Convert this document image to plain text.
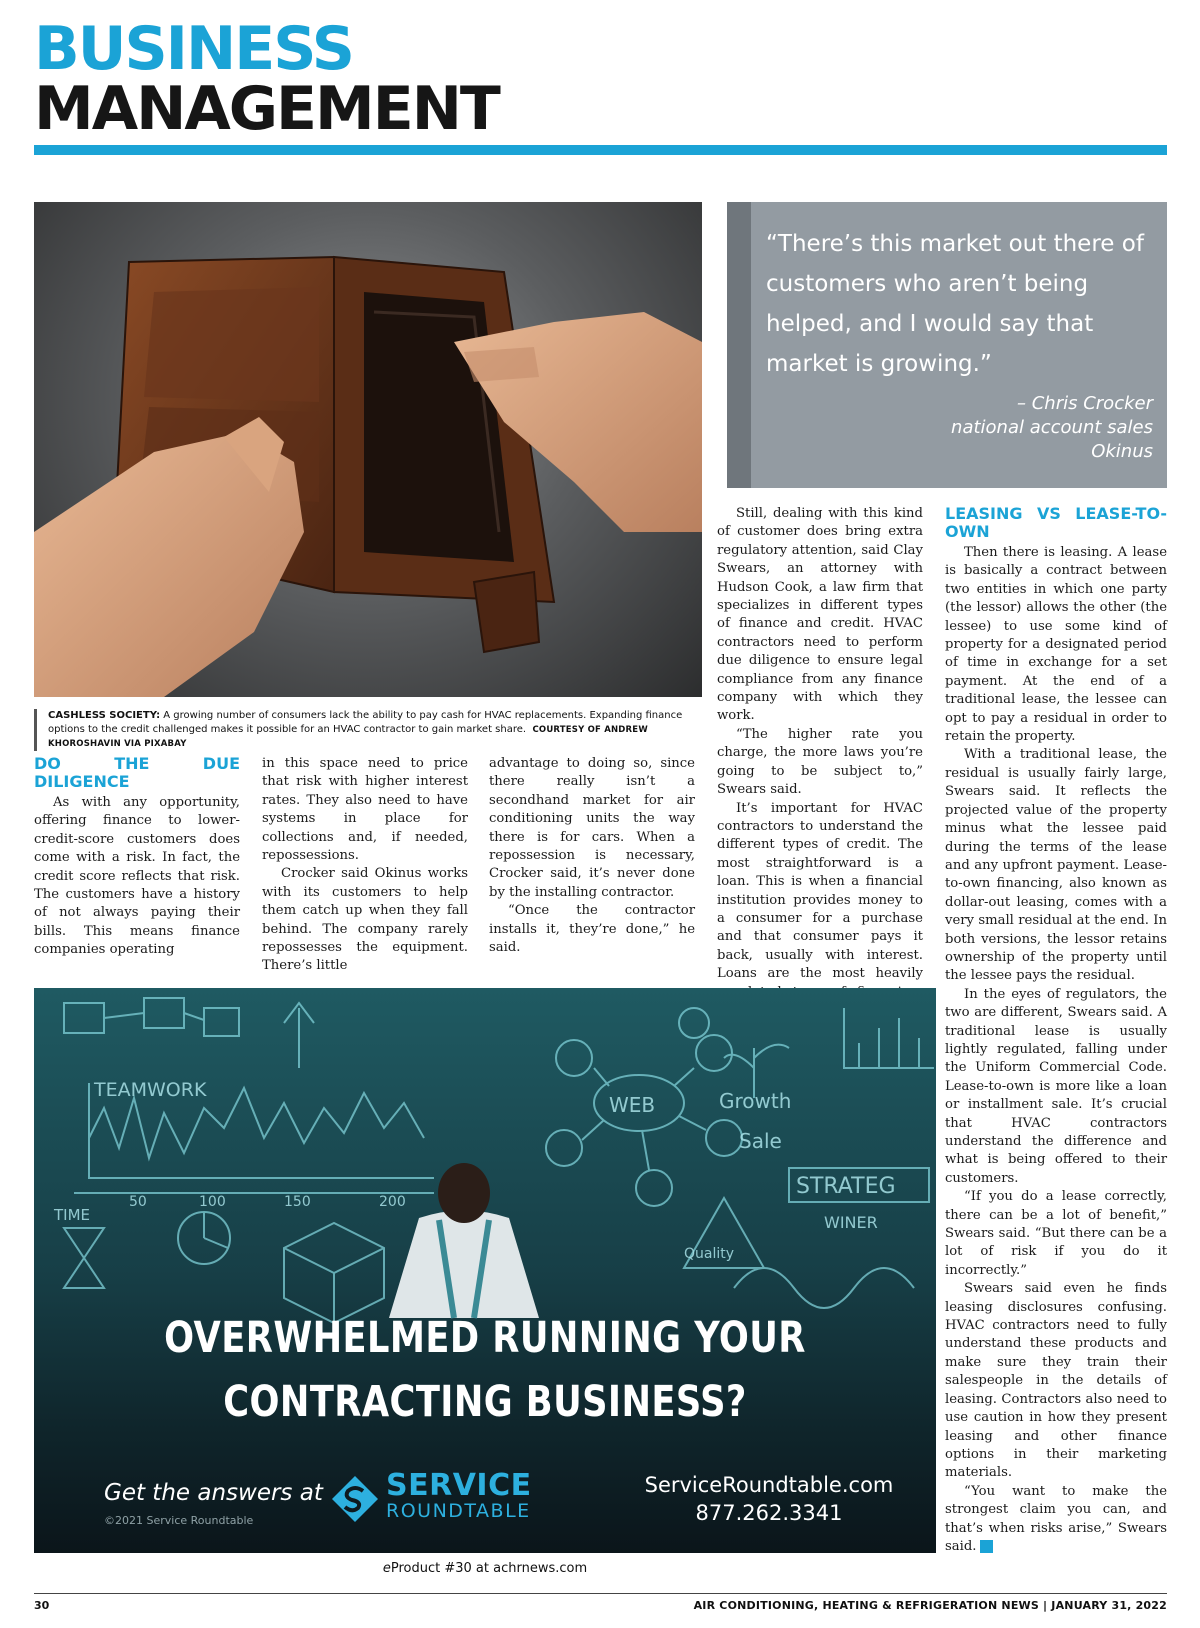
BUSINESS
MANAGEMENT
“There’s this market out there of customers who aren’t being helped, and I would say that market is growing.”
– Chris Crocker
national account sales
Okinus
CASHLESS SOCIETY: A growing number of consumers lack the ability to pay cash for HVAC replacements. Expanding finance options to the credit challenged makes it possible for an HVAC contractor to gain market share. COURTESY OF ANDREW KHOROSHAVIN VIA PIXABAY
DO THE DUE DILIGENCE

As with any opportunity, offering finance to lower-credit-score customers does come with a risk. In fact, the credit score reflects that risk. The customers have a history of not always paying their bills. This means finance companies operating

in this space need to price that risk with higher interest rates. They also need to have systems in place for collections and, if needed, repossessions.

Crocker said Okinus works with its customers to help them catch up when they fall behind. The company rarely repossesses the equipment. There’s little

advantage to doing so, since there really isn’t a secondhand market for air conditioning units the way there is for cars. When a repossession is necessary, Crocker said, it’s never done by the installing contractor.

“Once the contractor installs it, they’re done,” he said.

Still, dealing with this kind of customer does bring extra regulatory attention, said Clay Swears, an attorney with Hudson Cook, a law firm that specializes in different types of finance and credit. HVAC contractors need to perform due diligence to ensure legal compliance from any finance company with which they work.

“The higher rate you charge, the more laws you’re going to be subject to,” Swears said.

It’s important for HVAC contractors to understand the different types of credit. The most straightforward is a loan. This is when a financial institution provides money to a consumer for a purchase and that consumer pays it back, usually with interest. Loans are the most heavily

LEASING VS LEASE-TO-OWN

Then there is leasing. A lease is basically a contract between two entities in which one party (the lessor) allows the other (the lessee) to use some kind of property for a designated period of time in exchange for a set payment. At the end of a traditional lease, the lessee can opt to pay a residual in order to retain the property.

With a traditional lease, the residual is usually fairly large, Swears said. It reflects the projected value of the property minus what the lessee paid during the terms of the lease and any upfront payment. Lease-to-own financing, also known as dollar-out leasing, comes with a very small residual at the end. In both versions, the lessor retains ownership of the property until the lessee pays the residual.

In the eyes of regulators, the two are different, Swears said. A traditional lease is usually lightly regulated, falling under the Uniform Commercial Code. Lease-to-own is more like a loan or installment sale. It’s crucial that HVAC contractors understand the difference and what is being offered to their customers.

“If you do a lease correctly, there can be a lot of benefit,” Swears said. “But there can be a lot of risk if you do it incorrectly.”

Swears said even he finds leasing disclosures confusing. HVAC contractors need to fully understand these products and make sure they train their salespeople in the details of leasing. Contractors also need to use caution in how they present leasing and other finance options in their marketing materials.

“You want to make the strongest claim you can, and that’s when risks arise,” Swears said. N

TEAMWORK
TIME
WEB	Growth
Sale
STRATEG
WINER
Quality
50	100	150	200
OVERWHELMED RUNNING YOUR
CONTRACTING BUSINESS?
Get the answers at
©2021 Service Roundtable
SERVICE
ROUNDTABLE
ServiceRoundtable.com
877.262.3341
eProduct #30 at achrnews.com
30	AIR CONDITIONING, HEATING & REFRIGERATION NEWS | JANUARY 31, 2022
